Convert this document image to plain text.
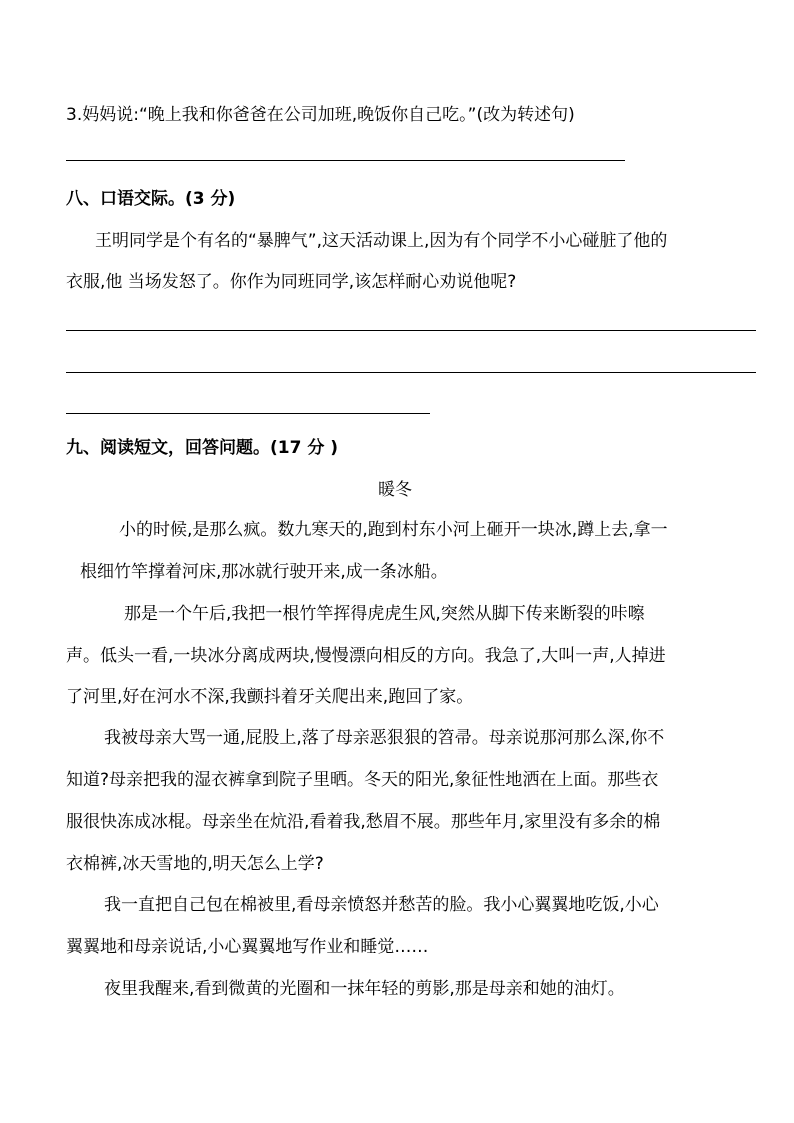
3.妈妈说:“晚上我和你爸爸在公司加班,晚饭你自己吃。”(改为转述句)
八、口语交际。(3 分)
王明同学是个有名的“暴脾气”,这天活动课上,因为有个同学不小心碰脏了他的
衣服,他 当场发怒了。你作为同班同学,该怎样耐心劝说他呢?
九、阅读短文，回答问题。(17 分 )
暖冬
小的时候,是那么疯。数九寒天的,跑到村东小河上砸开一块冰,蹲上去,拿一
根细竹竿撑着河床,那冰就行驶开来,成一条冰船。
那是一个午后,我把一根竹竿挥得虎虎生风,突然从脚下传来断裂的咔嚓
声。低头一看,一块冰分离成两块,慢慢漂向相反的方向。我急了,大叫一声,人掉进
了河里,好在河水不深,我颤抖着牙关爬出来,跑回了家。
我被母亲大骂一通,屁股上,落了母亲恶狠狠的笤帚。母亲说那河那么深,你不
知道?母亲把我的湿衣裤拿到院子里晒。冬天的阳光,象征性地洒在上面。那些衣
服很快冻成冰棍。母亲坐在炕沿,看着我,愁眉不展。那些年月,家里没有多余的棉
衣棉裤,冰天雪地的,明天怎么上学?
我一直把自己包在棉被里,看母亲愤怒并愁苦的脸。我小心翼翼地吃饭,小心
翼翼地和母亲说话,小心翼翼地写作业和睡觉……
夜里我醒来,看到微黄的光圈和一抹年轻的剪影,那是母亲和她的油灯。
